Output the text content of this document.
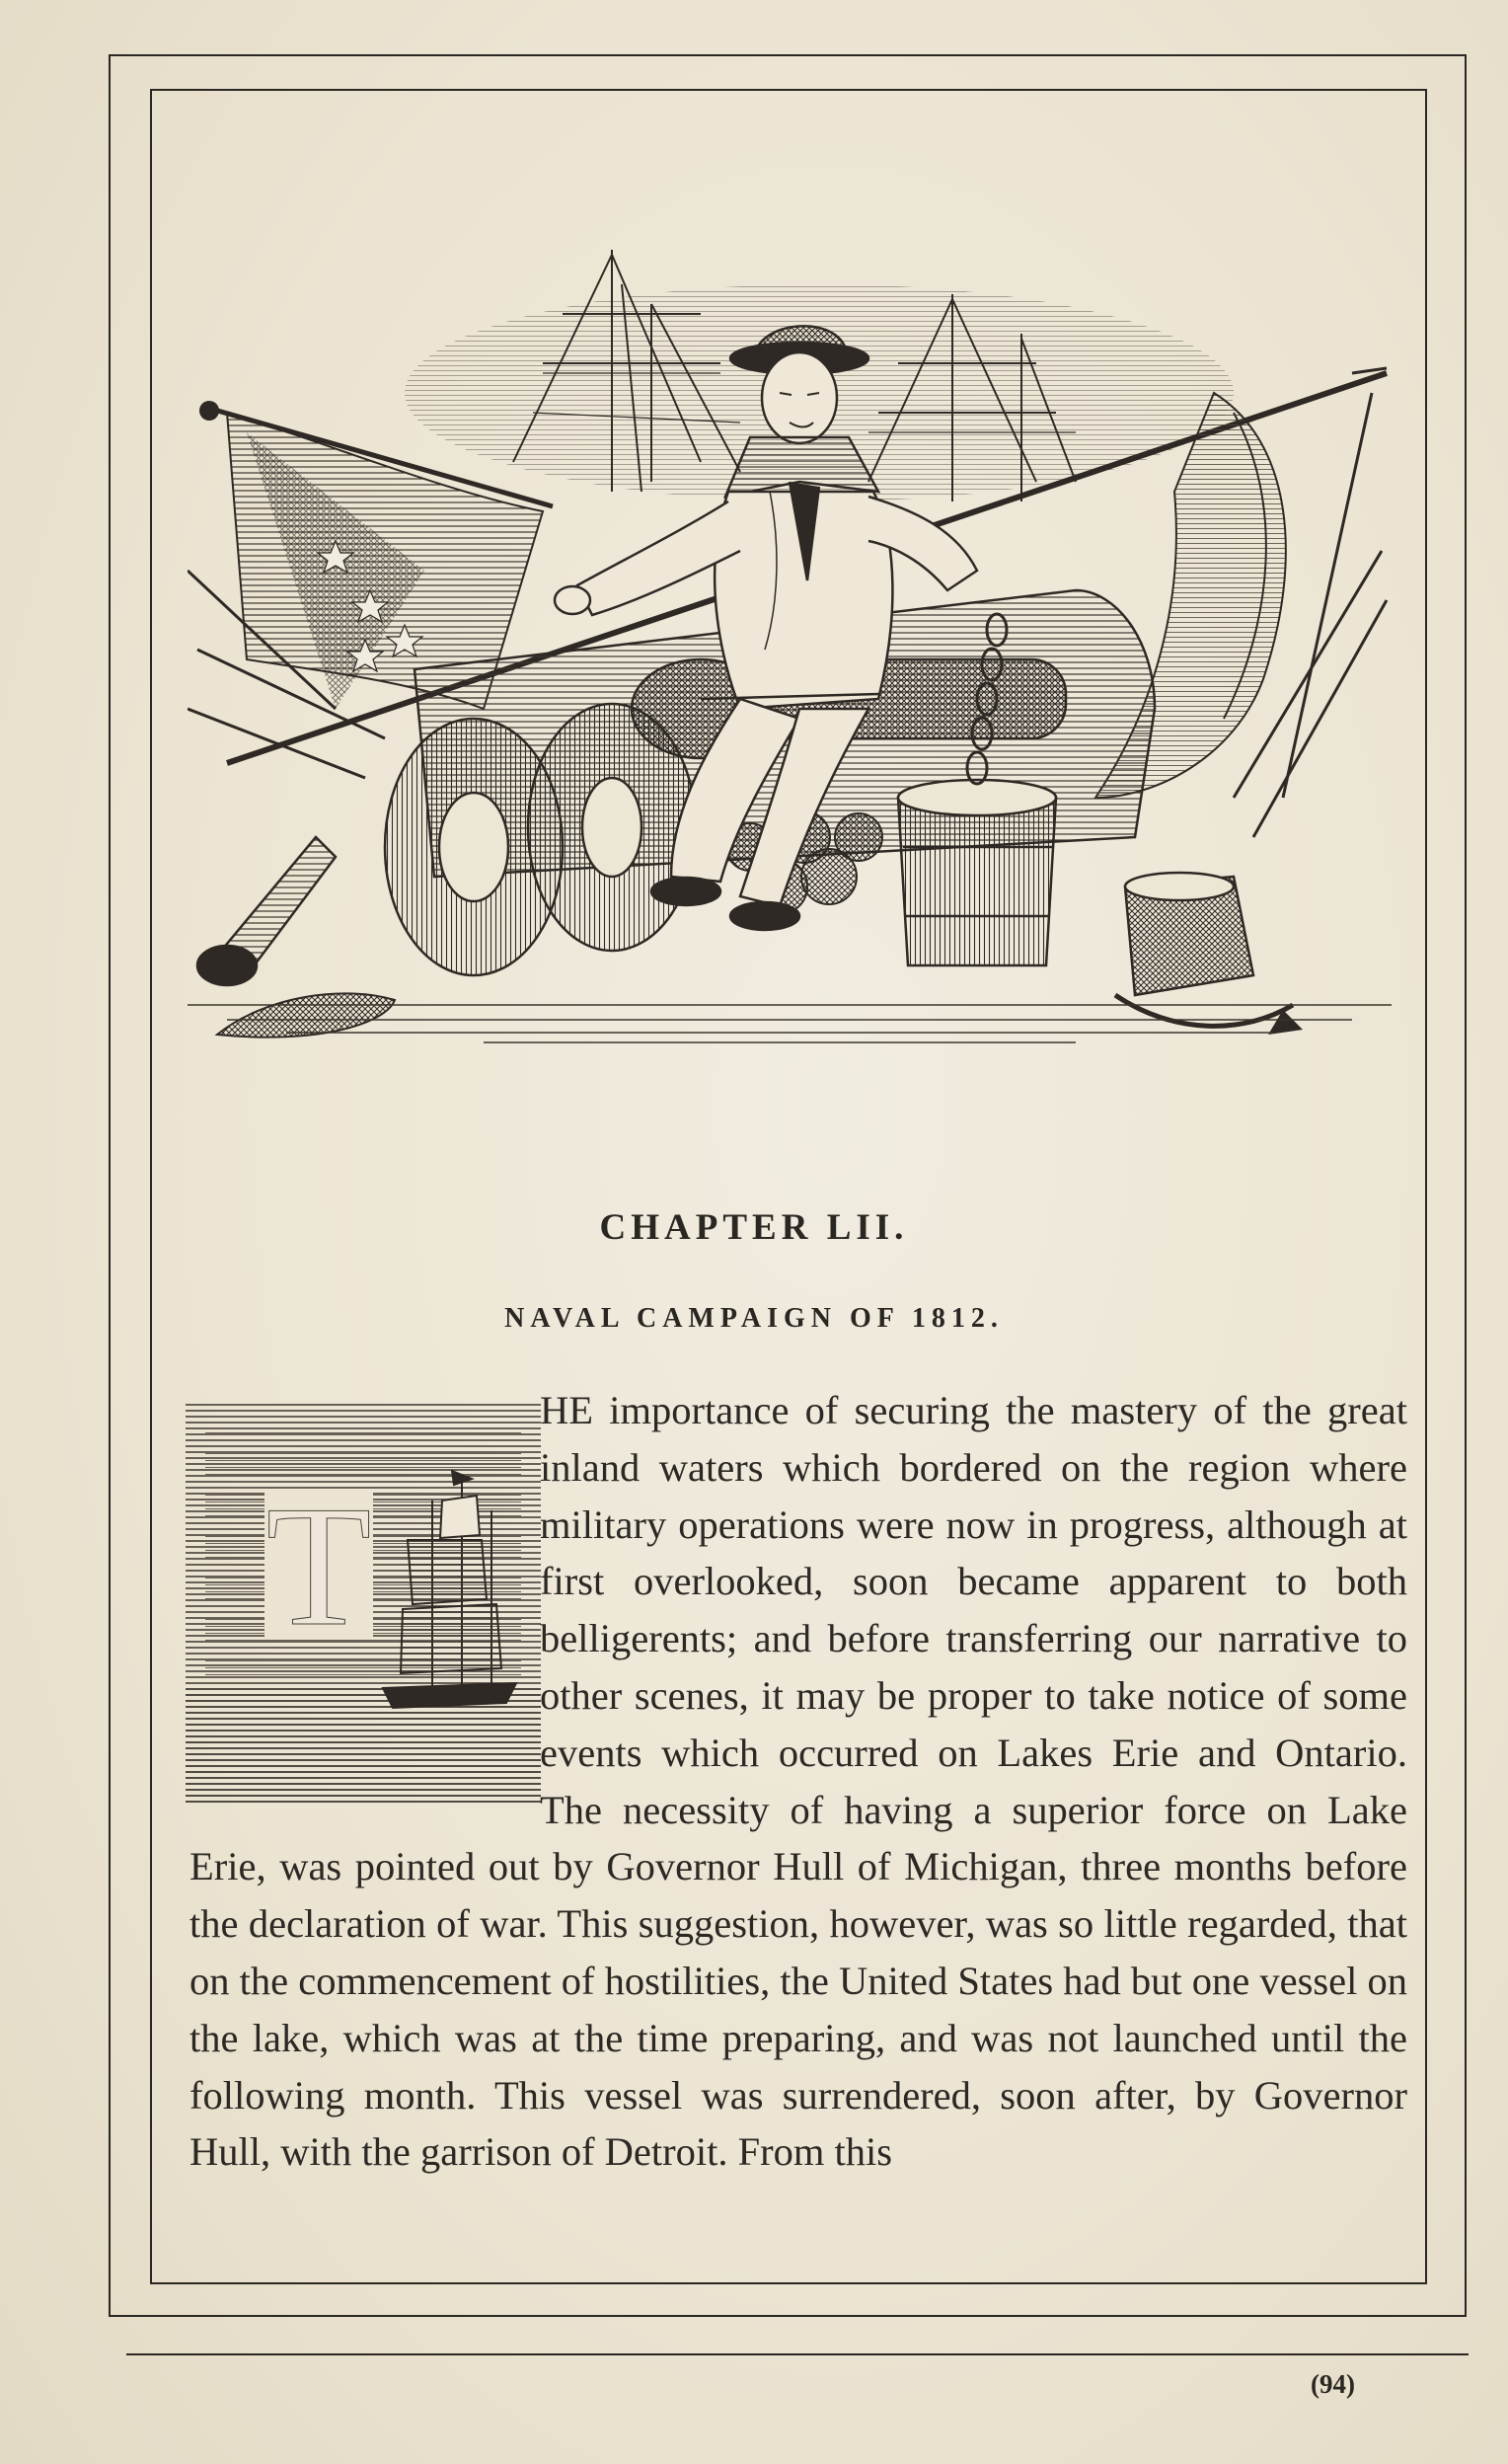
CHAPTER LII.
NAVAL CAMPAIGN OF 1812.
T

HE importance of securing the mastery of the great inland waters which bordered on the region where military operations were now in progress, although at first overlooked, soon became apparent to both belligerents; and before transferring our narrative to other scenes, it may be proper to take notice of some events which occurred on Lakes Erie and Ontario. The necessity of having a superior force on Lake Erie, was pointed out by Governor Hull of Michigan, three months before the declaration of war. This suggestion, however, was so little regarded, that on the commencement of hostilities, the United States had but one vessel on the lake, which was at the time preparing, and was not launched until the following month. This vessel was surrendered, soon after, by Governor Hull, with the garrison of Detroit. From this

(94)
